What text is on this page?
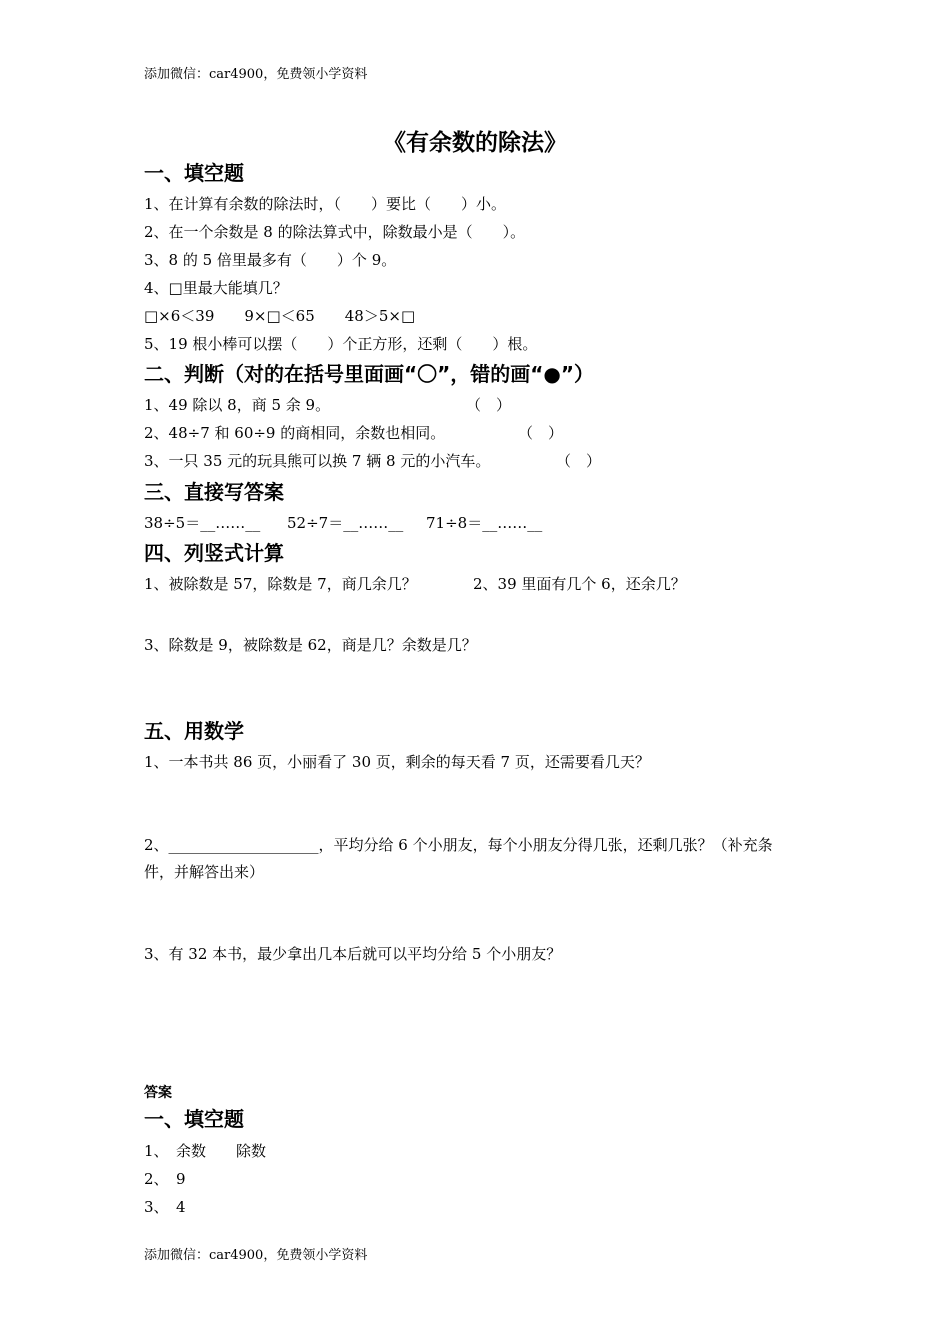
添加微信：car4900，免费领小学资料
《有余数的除法》
一、填空题
1、在计算有余数的除法时，（　　）要比（　　）小。
2、在一个余数是 8 的除法算式中，除数最小是（　　）。
3、8 的 5 倍里最多有（　　）个 9。
4、□里最大能填几？
□×6＜39　　9×□＜65　　48＞5×□
5、19 根小棒可以摆（　　）个正方形，还剩（　　）根。
二、判断（对的在括号里面画“〇”，错的画“●”）
1、49 除以 8，商 5 余 9。	（　）
2、48÷7 和 60÷9 的商相同，余数也相同。	（　）
3、一只 35 元的玩具熊可以换 7 辆 8 元的小汽车。	（　）
三、直接写答案
38÷5＝__……__ 52÷7＝__……__ 71÷8＝__……__
四、列竖式计算
1、被除数是 57，除数是 7，商几余几？	2、39 里面有几个 6，还余几？
3、除数是 9，被除数是 62，商是几？余数是几？
五、用数学
1、一本书共 86 页，小丽看了 30 页，剩余的每天看 7 页，还需要看几天？
2、____________________，平均分给 6 个小朋友，每个小朋友分得几张，还剩几张？（补充条
件，并解答出来）
3、有 32 本书，最少拿出几本后就可以平均分给 5 个小朋友？
答案
一、填空题
1、　余数　　除数
2、　9
3、　4
添加微信：car4900，免费领小学资料
